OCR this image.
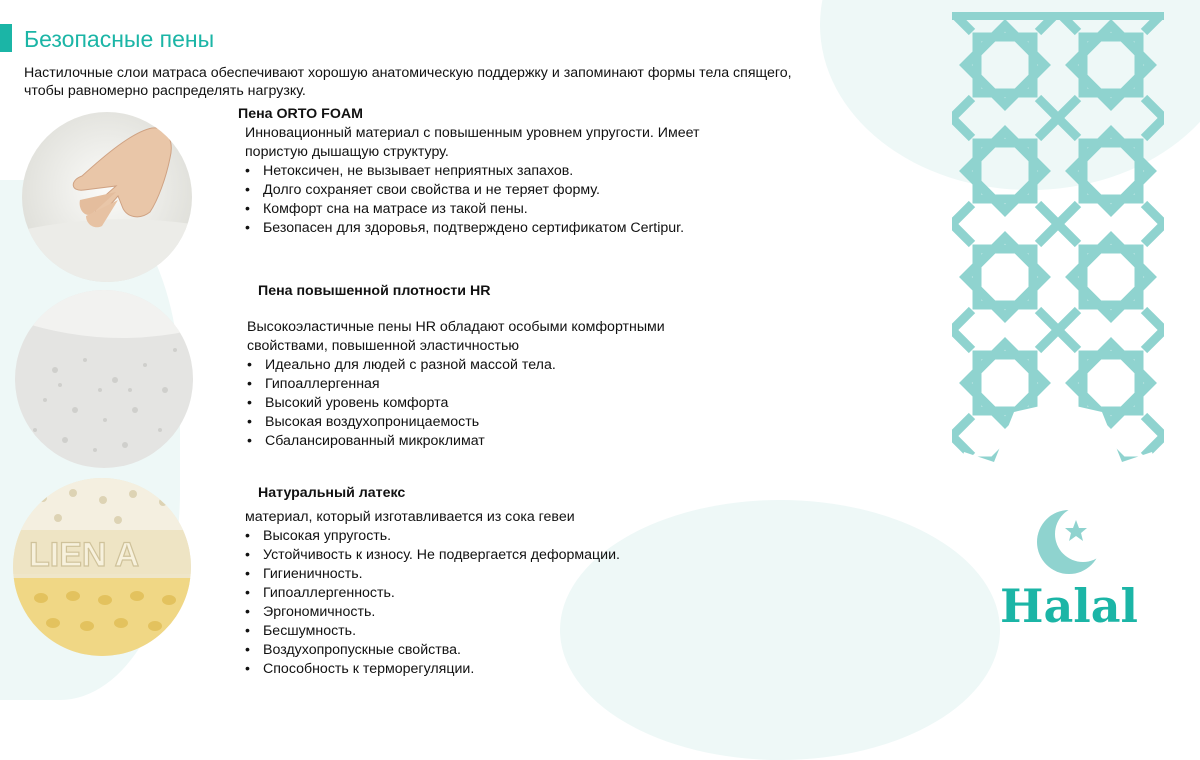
Безопасные пены
Настилочные слои матраса обеспечивают хорошую анатомическую поддержку и запоминают формы тела спящего, чтобы равномерно распределять нагрузку.
LIEN A
Пена ORTO FOAM

Инновационный материал с повышенным уровнем упругости. Имеет пористую дышащую структуру.

• Нетоксичен, не вызывает неприятных запахов.
• Долго сохраняет свои свойства и не теряет форму.
• Комфорт сна на матрасе из такой пены.
• Безопасен для здоровья, подтверждено сертификатом Certipur.
Пена повышенной плотности HR

Высокоэластичные пены HR обладают особыми комфортными свойствами, повышенной эластичностью

• Идеально для людей с разной массой тела.
• Гипоаллергенная
• Высокий уровень комфорта
• Высокая воздухопроницаемость
• Сбалансированный микроклимат
Натуральный латекс

материал, который изготавливается из сока гевеи

• Высокая упругость.
• Устойчивость к износу. Не подвергается деформации.
• Гигиеничность.
• Гипоаллергенность.
• Эргономичность.
• Бесшумность.
• Воздухопропускные свойства.
• Способность к терморегуляции.
Halal
